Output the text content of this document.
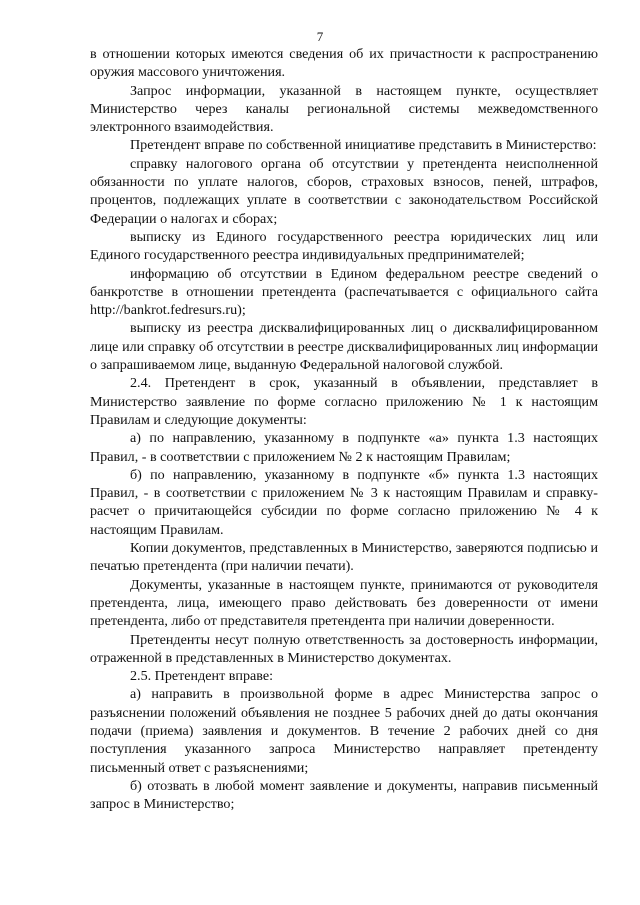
7

в отношении которых имеются сведения об их причастности к распространению оружия массового уничтожения.

Запрос информации, указанной в настоящем пункте, осуществляет Министерство через каналы региональной системы межведомственного электронного взаимодействия.

Претендент вправе по собственной инициативе представить в Министерство:

справку налогового органа об отсутствии у претендента неисполненной обязанности по уплате налогов, сборов, страховых взносов, пеней, штрафов, процентов, подлежащих уплате в соответствии с законодательством Российской Федерации о налогах и сборах;

выписку из Единого государственного реестра юридических лиц или Единого государственного реестра индивидуальных предпринимателей;

информацию об отсутствии в Едином федеральном реестре сведений о банкротстве в отношении претендента (распечатывается с официального сайта http://bankrot.fedresurs.ru);

выписку из реестра дисквалифицированных лиц о дисквалифицированном лице или справку об отсутствии в реестре дисквалифицированных лиц информации о запрашиваемом лице, выданную Федеральной налоговой службой.

2.4. Претендент в срок, указанный в объявлении, представляет в Министерство заявление по форме согласно приложению № 1 к настоящим Правилам и следующие документы:

а) по направлению, указанному в подпункте «а» пункта 1.3 настоящих Правил, - в соответствии с приложением № 2 к настоящим Правилам;

б) по направлению, указанному в подпункте «б» пункта 1.3 настоящих Правил, - в соответствии с приложением № 3 к настоящим Правилам и справку-расчет о причитающейся субсидии по форме согласно приложению № 4 к настоящим Правилам.

Копии документов, представленных в Министерство, заверяются подписью и печатью претендента (при наличии печати).

Документы, указанные в настоящем пункте, принимаются от руководителя претендента, лица, имеющего право действовать без доверенности от имени претендента, либо от представителя претендента при наличии доверенности.

Претенденты несут полную ответственность за достоверность информации, отраженной в представленных в Министерство документах.

2.5. Претендент вправе:

а) направить в произвольной форме в адрес Министерства запрос о разъяснении положений объявления не позднее 5 рабочих дней до даты окончания подачи (приема) заявления и документов. В течение 2 рабочих дней со дня поступления указанного запроса Министерство направляет претенденту письменный ответ с разъяснениями;

б) отозвать в любой момент заявление и документы, направив письменный запрос в Министерство;
